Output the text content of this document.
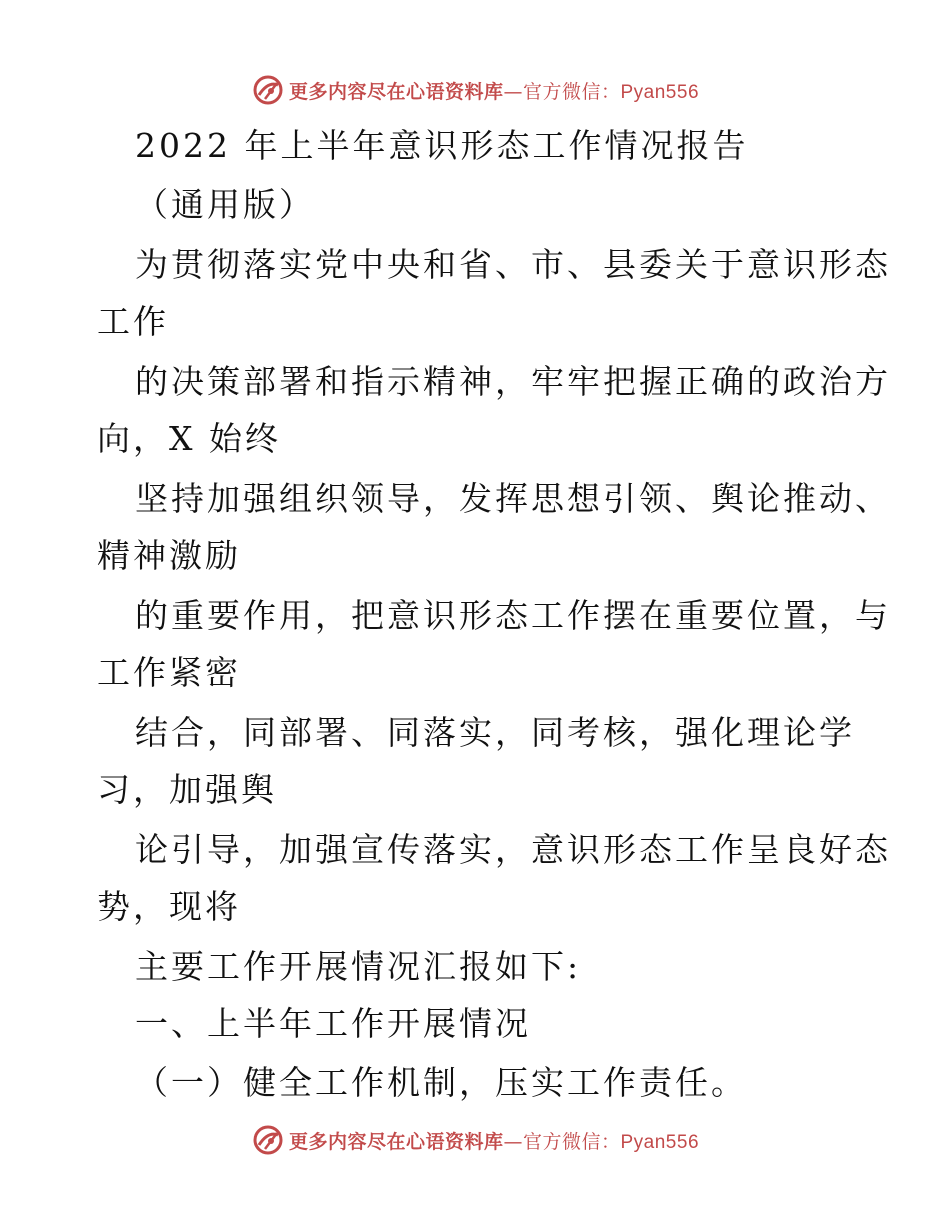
更多内容尽在心语资料库—官方微信：Pyan556
2022 年上半年意识形态工作情况报告
（通用版）
为贯彻落实党中央和省、市、县委关于意识形态
工作
的决策部署和指示精神，牢牢把握正确的政治方
向，X 始终
坚持加强组织领导，发挥思想引领、舆论推动、
精神激励
的重要作用，把意识形态工作摆在重要位置，与
工作紧密
结合，同部署、同落实，同考核，强化理论学
习，加强舆
论引导，加强宣传落实，意识形态工作呈良好态
势，现将
主要工作开展情况汇报如下:
一、上半年工作开展情况
（一）健全工作机制，压实工作责任。
更多内容尽在心语资料库—官方微信：Pyan556
